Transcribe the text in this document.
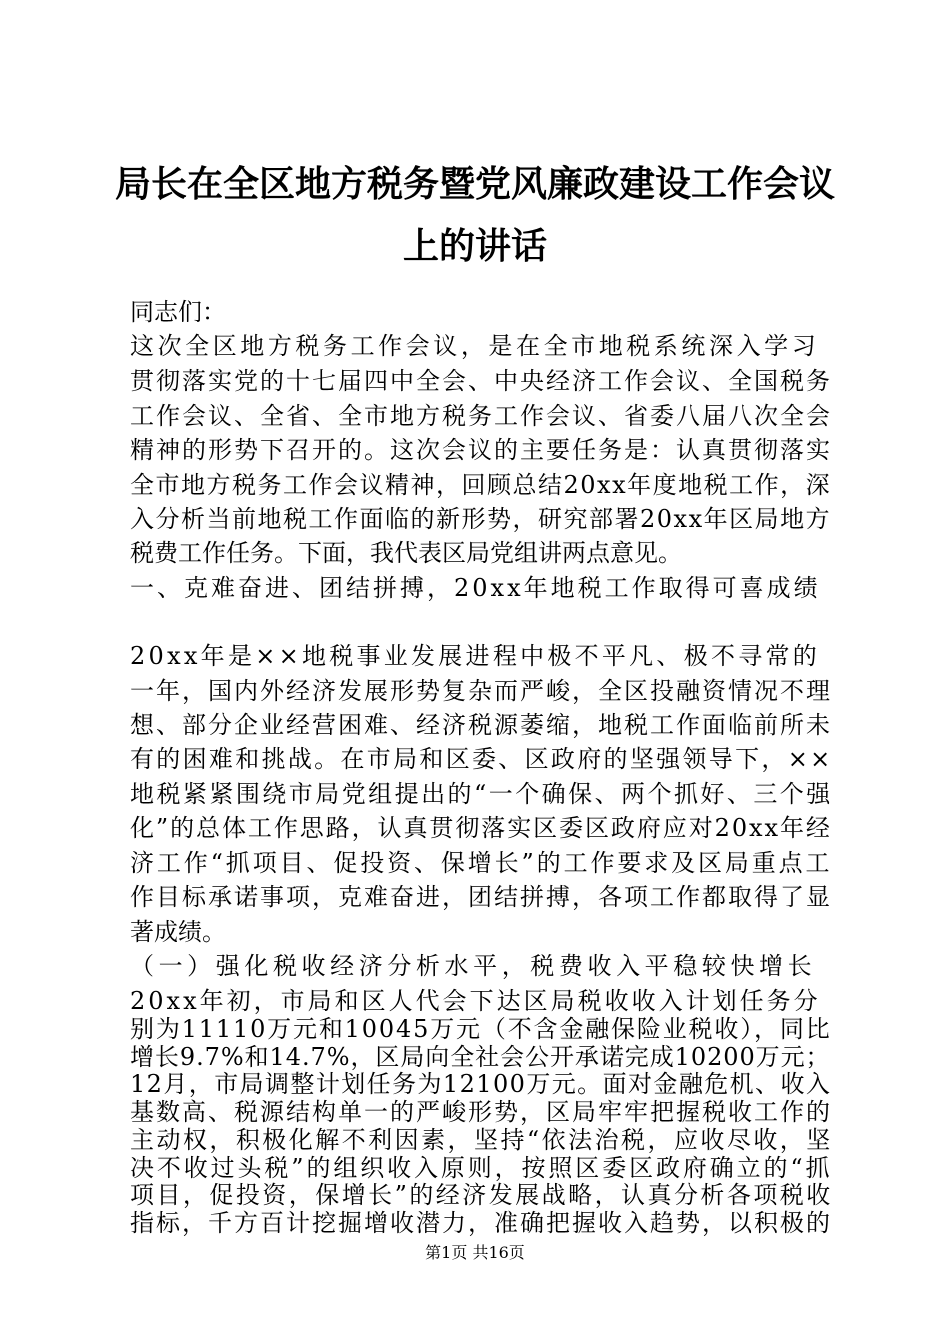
局长在全区地方税务暨党风廉政建设工作会议
上的讲话
同志们：
这次全区地方税务工作会议，是在全市地税系统深入学习
贯彻落实党的十七届四中全会、中央经济工作会议、全国税务
工作会议、全省、全市地方税务工作会议、省委八届八次全会
精神的形势下召开的。这次会议的主要任务是：认真贯彻落实
全市地方税务工作会议精神，回顾总结20xx年度地税工作，深
入分析当前地税工作面临的新形势，研究部署20xx年区局地方
税费工作任务。下面，我代表区局党组讲两点意见。
一、克难奋进、团结拼搏，20xx年地税工作取得可喜成绩
20xx年是××地税事业发展进程中极不平凡、极不寻常的
一年，国内外经济发展形势复杂而严峻，全区投融资情况不理
想、部分企业经营困难、经济税源萎缩，地税工作面临前所未
有的困难和挑战。在市局和区委、区政府的坚强领导下，××
地税紧紧围绕市局党组提出的“一个确保、两个抓好、三个强
化”的总体工作思路，认真贯彻落实区委区政府应对20xx年经
济工作“抓项目、促投资、保增长”的工作要求及区局重点工
作目标承诺事项，克难奋进，团结拼搏，各项工作都取得了显
著成绩。
（一）强化税收经济分析水平，税费收入平稳较快增长
20xx年初，市局和区人代会下达区局税收收入计划任务分
别为11110万元和10045万元（不含金融保险业税收），同比
增长9.7%和14.7%，区局向全社会公开承诺完成10200万元；
12月，市局调整计划任务为12100万元。面对金融危机、收入
基数高、税源结构单一的严峻形势，区局牢牢把握税收工作的
主动权，积极化解不利因素，坚持“依法治税，应收尽收，坚
决不收过头税”的组织收入原则，按照区委区政府确立的“抓
项目，促投资，保增长”的经济发展战略，认真分析各项税收
指标，千方百计挖掘增收潜力，准确把握收入趋势，以积极的
第1页 共16页
